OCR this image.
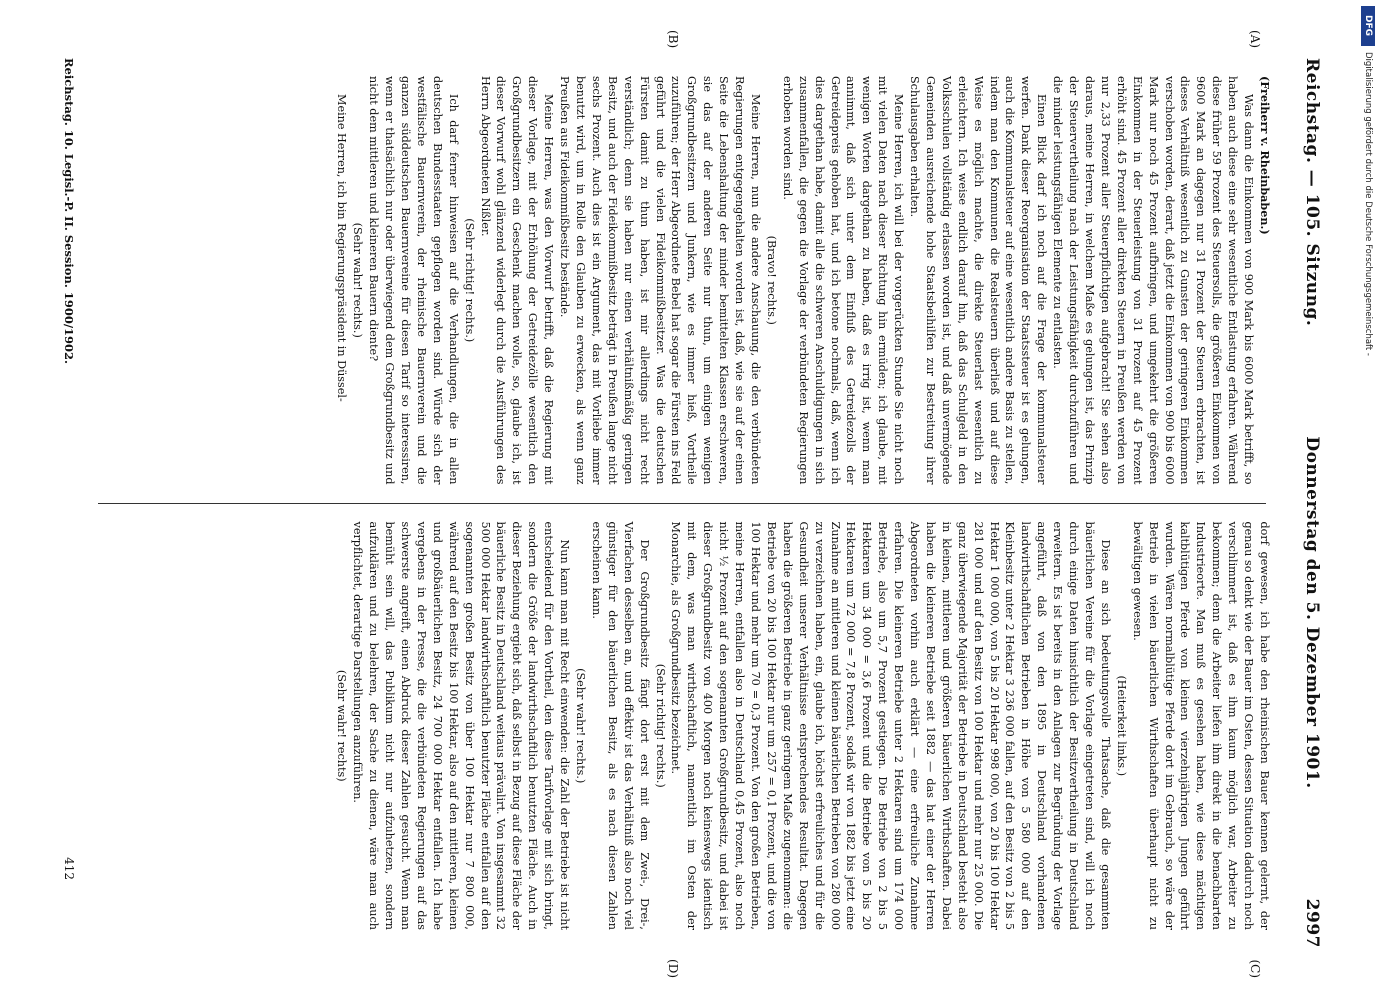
Reichstag. — 105. Sitzung.
Donnerstag den 5. Dezember 1901.
2997
(A)
(B)
(C)
(D)

(Freiherr v. Rheinbaben.)

Was dann die Einkommen von 900 Mark bis 6000 Mark betrifft, so haben auch diese eine sehr wesentliche Entlastung erfahren. Während diese früher 59 Prozent des Steuersolls, die größeren Einkommen von 9600 Mark an dagegen nur 31 Prozent der Steuern erbrachten, ist dieses Verhältniß wesentlich zu Gunsten der geringeren Einkommen verschoben worden, derart, daß jetzt die Einkommen von 900 bis 6000 Mark nur noch 45 Prozent aufbringen, und umgekehrt die größeren Einkommen in der Steuerleistung von 31 Prozent auf 45 Prozent erhöht sind. 45 Prozent aller direkten Steuern in Preußen werden von nur 2,33 Prozent aller Steuerpflichtigen aufgebracht! Sie sehen also daraus, meine Herren, in welchem Maße es gelungen ist, das Prinzip der Steuervertheilung nach der Leistungsfähigkeit durchzuführen und die minder leistungsfähigen Elemente zu entlasten.

Einen Blick darf ich noch auf die Frage der kommunalsteuer werfen. Dank dieser Reorganisation der Staatssteuer ist es gelungen, auch die Kommunalsteuer auf eine wesentlich andere Basis zu stellen, indem man den Kommunen die Realsteuern überließ und auf diese Weise es möglich machte, die direkte Steuerlast wesentlich zu erleichtern. Ich weise endlich darauf hin, daß das Schulgeld in den Volksschulen vollständig erlassen worden ist, und daß unvermögende Gemeinden ausreichende hohe Staatsbeihilfen zur Bestreitung ihrer Schulausgaben erhalten.

Meine Herren, ich will bei der vorgerückten Stunde Sie nicht noch mit vielen Daten nach dieser Richtung hin ermüden; ich glaube, mit wenigen Worten dargethan zu haben, daß es irrig ist, wenn man annimmt, daß sich unter dem Einfluß des Getreidezolls der Getreidepreis gehoben hat, und ich betone nochmals, daß, wenn ich dies dargethan habe, damit alle die schweren Anschuldigungen in sich zusammenfallen, die gegen die Vorlage der verbündeten Regierungen erhoben worden sind.

(Bravo! rechts.)

Meine Herren, nun die andere Anschauung, die den verbündeten Regierungen entgegengehalten worden ist, daß, wie sie auf der einen Seite die Lebenshaltung der minder bemittelten Klassen erschweren, sie das auf der anderen Seite nur thun, um einigen wenigen Großgrundbesitzern und Junkern, wie es immer hieß, Vortheile zuzuführen; der Herr Abgeordnete Bebel hat sogar die Fürsten ins Feld geführt und die vielen Fideikommißbesitzer. Was die deutschen Fürsten damit zu thun haben, ist mir allerdings nicht recht verständlich; denn sie haben nur einen verhältnißmäßig geringen Besitz, und auch der Fideikommißbesitz beträgt in Preußen lange nicht sechs Prozent. Auch dies ist ein Argument, das mit Vorliebe immer benutzt wird, um in Rolle den Glauben zu erwecken, als wenn ganz Preußen aus Fideikommißbesitz bestände.

Meine Herren, was den Vorwurf betrifft, daß die Regierung mit dieser Vorlage, mit der Erhöhung der Getreidezölle wesentlich den Großgrundbesitzern ein Geschenk machen wolle, so, glaube ich, ist dieser Vorwurf wohl glänzend widerlegt durch die Ausführungen des Herrn Abgeordneten Nißler.

(Sehr richtig! rechts.)

Ich darf ferner hinweisen auf die Verhandlungen, die in allen deutschen Bundesstaaten gepflogen worden sind. Würde sich der westfälische Bauernverein, der rheinische Bauernverein und die ganzen süddeutschen Bauernvereine für diesen Tarif so interessiren, wenn er thatsächlich nur oder überwiegend dem Großgrundbesitz und nicht dem mittleren und kleineren Bauern diente?

(Sehr wahr! rechts.)

Meine Herren, ich bin Regierungspräsident in Düssel-

dorf gewesen, ich habe den rheinischen Bauer kennen gelernt, der genau so denkt wie der Bauer im Osten, dessen Situation dadurch noch verschlimmert ist, daß es ihm kaum möglich war, Arbeiter zu bekommen; denn die Arbeiter liefen ihm direkt in die benachbarten Industrieorte. Man muß es gesehen haben, wie diese mächtigen kaltblütigen Pferde von kleinen vierzehnjährigen Jungen geführt wurden. Wären normalblütige Pferde dort im Gebrauch, so wäre der Betrieb in vielen bäuerlichen Wirthschaften überhaupt nicht zu bewältigen gewesen.

(Heiterkeit links.)

Diese an sich bedeutungsvolle Thatsache, daß die gesammten bäuerlichen Vereine für die Vorlage eingetreten sind, will ich noch durch einige Daten hinsichtlich der Besitzvertheilung in Deutschland erweitern. Es ist bereits in den Anlagen zur Begründung der Vorlage angeführt, daß von den 1895 in Deutschland vorhandenen landwirthschaftlichen Betrieben in Höhe von 5 580 000 auf den Kleinbesitz unter 2 Hektar 3 236 000 fallen, auf den Besitz von 2 bis 5 Hektar 1 000 000, von 5 bis 20 Hektar 998 000, von 20 bis 100 Hektar 281 000 und auf den Besitz von 100 Hektar und mehr nur 25 000. Die ganz überwiegende Majorität der Betriebe in Deutschland besteht also in kleinen, mittleren und größeren bäuerlichen Wirthschaften. Dabei haben die kleineren Betriebe seit 1882 — das hat einer der Herren Abgeordneten vorhin auch erklärt — eine erfreuliche Zunahme erfahren. Die kleineren Betriebe unter 2 Hektaren sind um 174 000 Betriebe, also um 5,7 Prozent gestiegen. Die Betriebe von 2 bis 5 Hektaren um 34 000 = 3,6 Prozent und die Betriebe von 5 bis 20 Hektaren um 72 000 = 7,8 Prozent, sodaß wir von 1882 bis jetzt eine Zunahme an mittleren und kleinen bäuerlichen Betrieben von 280 000 zu verzeichnen haben, ein, glaube ich, höchst erfreuliches und für die Gesundheit unserer Verhältnisse entsprechendes Resultat. Dagegen haben die größeren Betriebe in ganz geringem Maße zugenommen: die Betriebe von 20 bis 100 Hektar nur um 257 = 0,1 Prozent, und die von 100 Hektar und mehr um 70 = 0,3 Prozent. Von den großen Betrieben, meine Herren, entfallen also in Deutschland 0,45 Prozent, also noch nicht ½ Prozent auf den sogenannten Großgrundbesitz, und dabei ist dieser Großgrundbesitz von 400 Morgen noch keineswegs identisch mit dem, was man wirthschaftlich, namentlich im Osten der Monarchie, als Großgrundbesitz bezeichnet.

(Sehr richtig! rechts.)

Der Großgrundbesitz fängt dort erst mit dem Zwei-, Drei-, Vierfachen desselben an, und effektiv ist das Verhältniß also noch viel günstiger für den bäuerlichen Besitz, als es nach diesen Zahlen erscheinen kann.

(Sehr wahr! rechts.)

Nun kann man mit Recht einwenden: die Zahl der Betriebe ist nicht entscheidend für den Vortheil, den diese Tarifvorlage mit sich bringt, sondern die Größe der landwirthschaftlich benutzten Fläche. Auch in dieser Beziehung ergiebt sich, daß selbst in Bezug auf diese Fläche der bäuerliche Besitz in Deutschland weitaus prävalirt. Von insgesammt 32 500 000 Hektar landwirthschaftlich benutzter Fläche entfallen auf den sogenannten großen Besitz von über 100 Hektar nur 7 800 000, während auf den Besitz bis 100 Hektar, also auf den mittleren, kleinen und großbäuerlichen Besitz, 24 700 000 Hektar entfallen. Ich habe vergebens in der Presse, die die verbündeten Regierungen auf das schwerste angreift, einen Abdruck dieser Zahlen gesucht. Wenn man bemüht sein will, das Publikum nicht nur aufzuhetzen, sondern aufzuklären und zu belehren, der Sache zu dienen, wäre man auch verpflichtet, derartige Darstellungen anzuführen.

(Sehr wahr! rechts)

Reichstag. 10. Legisl.-P. II. Session. 1900/1902.
412
DFG
Digitalisierung gefördert durch die Deutsche Forschungsgemeinschaft -
